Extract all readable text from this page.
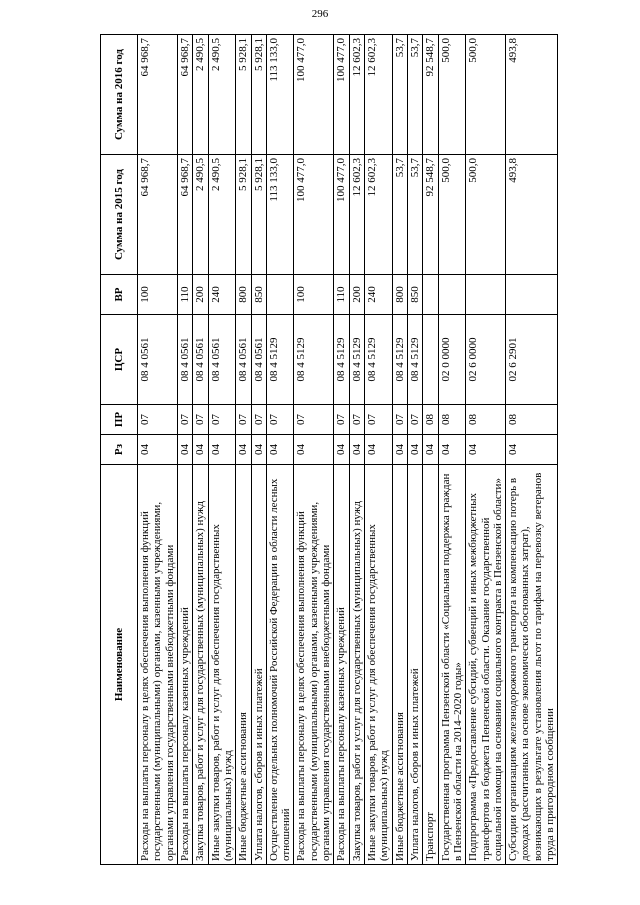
296
Наименование	Рз	ПР	ЦСР	ВР	Сумма на 2015 год	Сумма на 2016 год
Расходы на выплаты персоналу в целях обеспечения выполнения функций государственными (муниципальными) органами, казенными учреждениями, органами управления государственными внебюджетными фондами	04	07	08 4 0561	100	64 968,7	64 968,7
Расходы на выплаты персоналу казенных учреждений	04	07	08 4 0561	110	64 968,7	64 968,7
Закупка товаров, работ и услуг для государственных (муниципальных) нужд	04	07	08 4 0561	200	2 490,5	2 490,5
Иные закупки товаров, работ и услуг для обеспечения государственных (муниципальных) нужд	04	07	08 4 0561	240	2 490,5	2 490,5
Иные бюджетные ассигнования	04	07	08 4 0561	800	5 928,1	5 928,1
Уплата налогов, сборов и иных платежей	04	07	08 4 0561	850	5 928,1	5 928,1
Осуществление отдельных полномочий Российской Федерации в области лесных отношений	04	07	08 4 5129		113 133,0	113 133,0
Расходы на выплаты персоналу в целях обеспечения выполнения функций государственными (муниципальными) органами, казенными учреждениями, органами управления государственными внебюджетными фондами	04	07	08 4 5129	100	100 477,0	100 477,0
Расходы на выплаты персоналу казенных учреждений	04	07	08 4 5129	110	100 477,0	100 477,0
Закупка товаров, работ и услуг для государственных (муниципальных) нужд	04	07	08 4 5129	200	12 602,3	12 602,3
Иные закупки товаров, работ и услуг для обеспечения государственных (муниципальных) нужд	04	07	08 4 5129	240	12 602,3	12 602,3
Иные бюджетные ассигнования	04	07	08 4 5129	800	53,7	53,7
Уплата налогов, сборов и иных платежей	04	07	08 4 5129	850	53,7	53,7
Транспорт	04	08			92 548,7	92 548,7
Государственная программа Пензенской области «Социальная поддержка граждан в Пензенской области на 2014–2020 годы»	04	08	02 0 0000		500,0	500,0
Подпрограмма «Предоставление субсидий, субвенций и иных межбюджетных трансфертов из бюджета Пензенской области. Оказание государственной социальной помощи на основании социального контракта в Пензенской области»	04	08	02 6 0000		500,0	500,0
Субсидии организациям железнодорожного транспорта на компенсацию потерь в доходах (рассчитанных на основе экономически обоснованных затрат), возникающих в результате установления льгот по тарифам на перевозку ветеранов труда в пригородном сообщении	04	08	02 6 2901		493,8	493,8
